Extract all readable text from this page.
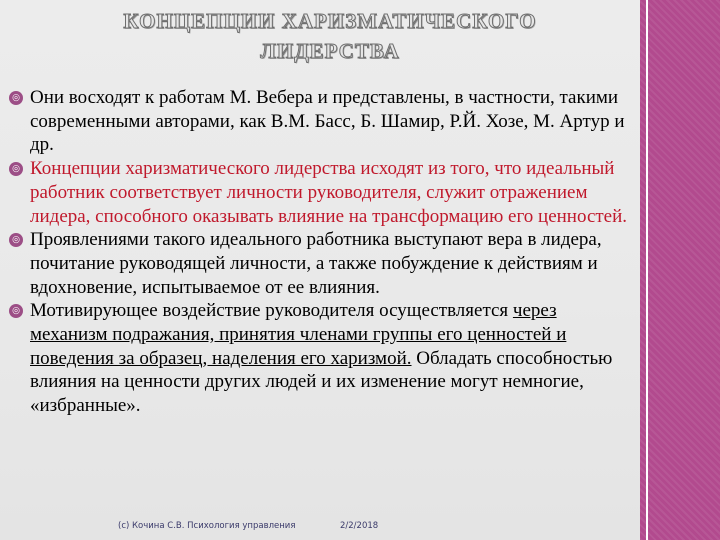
КОНЦЕПЦИИ ХАРИЗМАТИЧЕСКОГО
ЛИДЕРСТВА
◎ Они восходят к работам М. Вебера и представлены, в частности, такими современными авторами, как В.М. Басс, Б. Шамир, Р.Й. Хозе, М. Артур и др.
◎ Концепции харизматического лидерства исходят из того, что идеальный работник соответствует личности руководителя, служит отражением лидера, способного оказывать влияние на трансформацию его ценностей.
◎ Проявлениями такого идеального работника выступают вера в лидера, почитание руководящей личности, а также побуждение к действиям и вдохновение, испытываемое от ее влияния.
◎ Мотивирующее воздействие руководителя осуществляется через механизм подражания, принятия членами группы его ценностей и поведения за образец, наделения его харизмой. Обладать способностью влияния на ценности других людей и их изменение могут немногие, «избранные».
(с) Кочина С.В. Психология управления	2/2/2018
